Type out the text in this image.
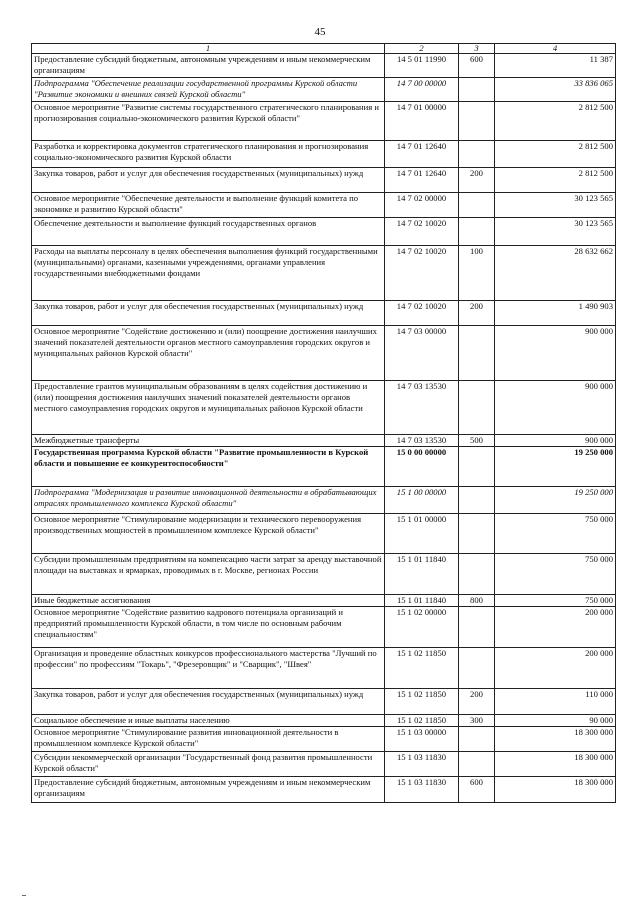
45
1	2	3	4
Предоставление субсидий бюджетным, автономным учреждениям и иным некоммерческим организациям	14 5 01 11990	600	11 387
Подпрограмма "Обеспечение реализации государственной программы Курской области "Развитие экономики и внешних связей Курской области"	14 7 00 00000		33 836 065
Основное мероприятие "Развитие системы государственного стратегического планирования и прогнозирования социально-экономического развития Курской области"	14 7 01 00000		2 812 500
Разработка и корректировка документов стратегического планирования и прогнозирования социально-экономического развития Курской области	14 7 01 12640		2 812 500
Закупка товаров, работ и услуг для обеспечения государственных (муниципальных) нужд	14 7 01 12640	200	2 812 500
Основное мероприятие "Обеспечение деятельности и выполнение функций комитета по экономике и развитию Курской области"	14 7 02 00000		30 123 565
Обеспечение деятельности и выполнение функций государственных органов	14 7 02 10020		30 123 565
Расходы на выплаты персоналу в целях обеспечения выполнения функций государственными (муниципальными) органами, казенными учреждениями, органами управления государственными внебюджетными фондами	14 7 02 10020	100	28 632 662
Закупка товаров, работ и услуг для обеспечения государственных (муниципальных) нужд	14 7 02 10020	200	1 490 903
Основное мероприятие "Содействие достижению и (или) поощрение достижения наилучших значений показателей деятельности органов местного самоуправления городских округов и муниципальных районов Курской области"	14 7 03 00000		900 000
Предоставление грантов муниципальным образованиям в целях содействия достижению и (или) поощрения достижения наилучших значений показателей деятельности органов местного самоуправления городских округов и муниципальных районов Курской области	14 7 03 13530		900 000
Межбюджетные трансферты	14 7 03 13530	500	900 000
Государственная программа Курской области "Развитие промышленности в Курской области и повышение ее конкурентоспособности"	15 0 00 00000		19 250 000
Подпрограмма "Модернизация и развитие инновационной деятельности в обрабатывающих отраслях промышленного комплекса Курской области"	15 1 00 00000		19 250 000
Основное мероприятие "Стимулирование модернизации и технического перевооружения производственных мощностей в промышленном комплексе Курской области"	15 1 01 00000		750 000
Субсидии промышленным предприятиям на компенсацию части затрат за аренду выставочной площади на выставках и ярмарках, проводимых в г. Москве, регионах России	15 1 01 11840		750 000
Иные бюджетные ассигнования	15 1 01 11840	800	750 000
Основное мероприятие "Содействие развитию кадрового потенциала организаций и предприятий промышленности Курской области, в том числе по основным рабочим специальностям"	15 1 02 00000		200 000
Организация и проведение областных конкурсов профессионального мастерства "Лучший по профессии" по профессиям "Токарь", "Фрезеровщик" и "Сварщик", "Швея"	15 1 02 11850		200 000
Закупка товаров, работ и услуг для обеспечения государственных (муниципальных) нужд	15 1 02 11850	200	110 000
Социальное обеспечение и иные выплаты населению	15 1 02 11850	300	90 000
Основное мероприятие "Стимулирование развития инновационной деятельности в промышленном комплексе Курской области"	15 1 03 00000		18 300 000
Субсидии некоммерческой организации "Государственный фонд развития промышленности Курской области"	15 1 03 11830		18 300 000
Предоставление субсидий бюджетным, автономным учреждениям и иным некоммерческим организациям	15 1 03 11830	600	18 300 000
